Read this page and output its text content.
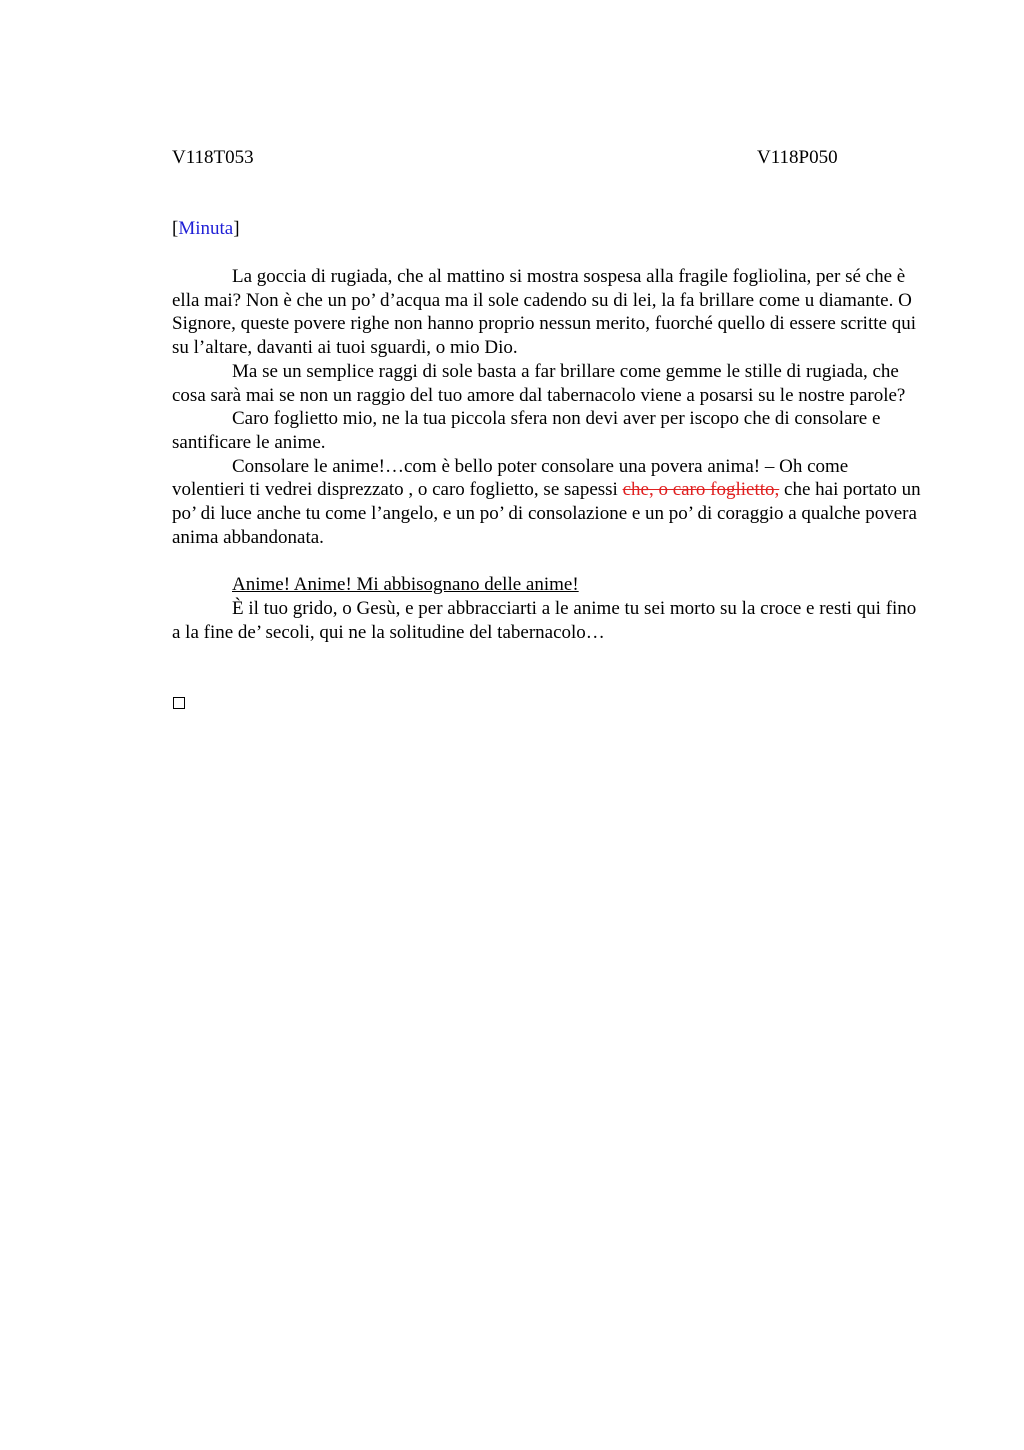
V118T053	V118P050
[Minuta]

La goccia di rugiada, che al mattino si mostra sospesa alla fragile fogliolina, per sé che è ella mai? Non è che un po’ d’acqua ma il sole cadendo su di lei, la fa brillare come u diamante. O Signore, queste povere righe non hanno proprio nessun merito, fuorché quello di essere scritte qui su l’altare, davanti ai tuoi sguardi, o mio Dio.

Ma se un semplice raggi di sole basta a far brillare come gemme le stille di rugiada, che cosa sarà mai se non un raggio del tuo amore dal tabernacolo viene a posarsi su le nostre parole?

Caro foglietto mio, ne la tua piccola sfera non devi aver per iscopo che di consolare e santificare le anime.

Consolare le anime!…com è bello poter consolare una povera anima! – Oh come volentieri ti vedrei disprezzato , o caro foglietto, se sapessi che, o caro foglietto, che hai portato un po’ di luce anche tu come l’angelo, e un po’ di consolazione e un po’ di coraggio a qualche povera anima abbandonata.

Anime! Anime! Mi abbisognano delle anime!

È il tuo grido, o Gesù, e per abbracciarti a le anime tu sei morto su la croce e resti qui fino a la fine de’ secoli, qui ne la solitudine del tabernacolo…
